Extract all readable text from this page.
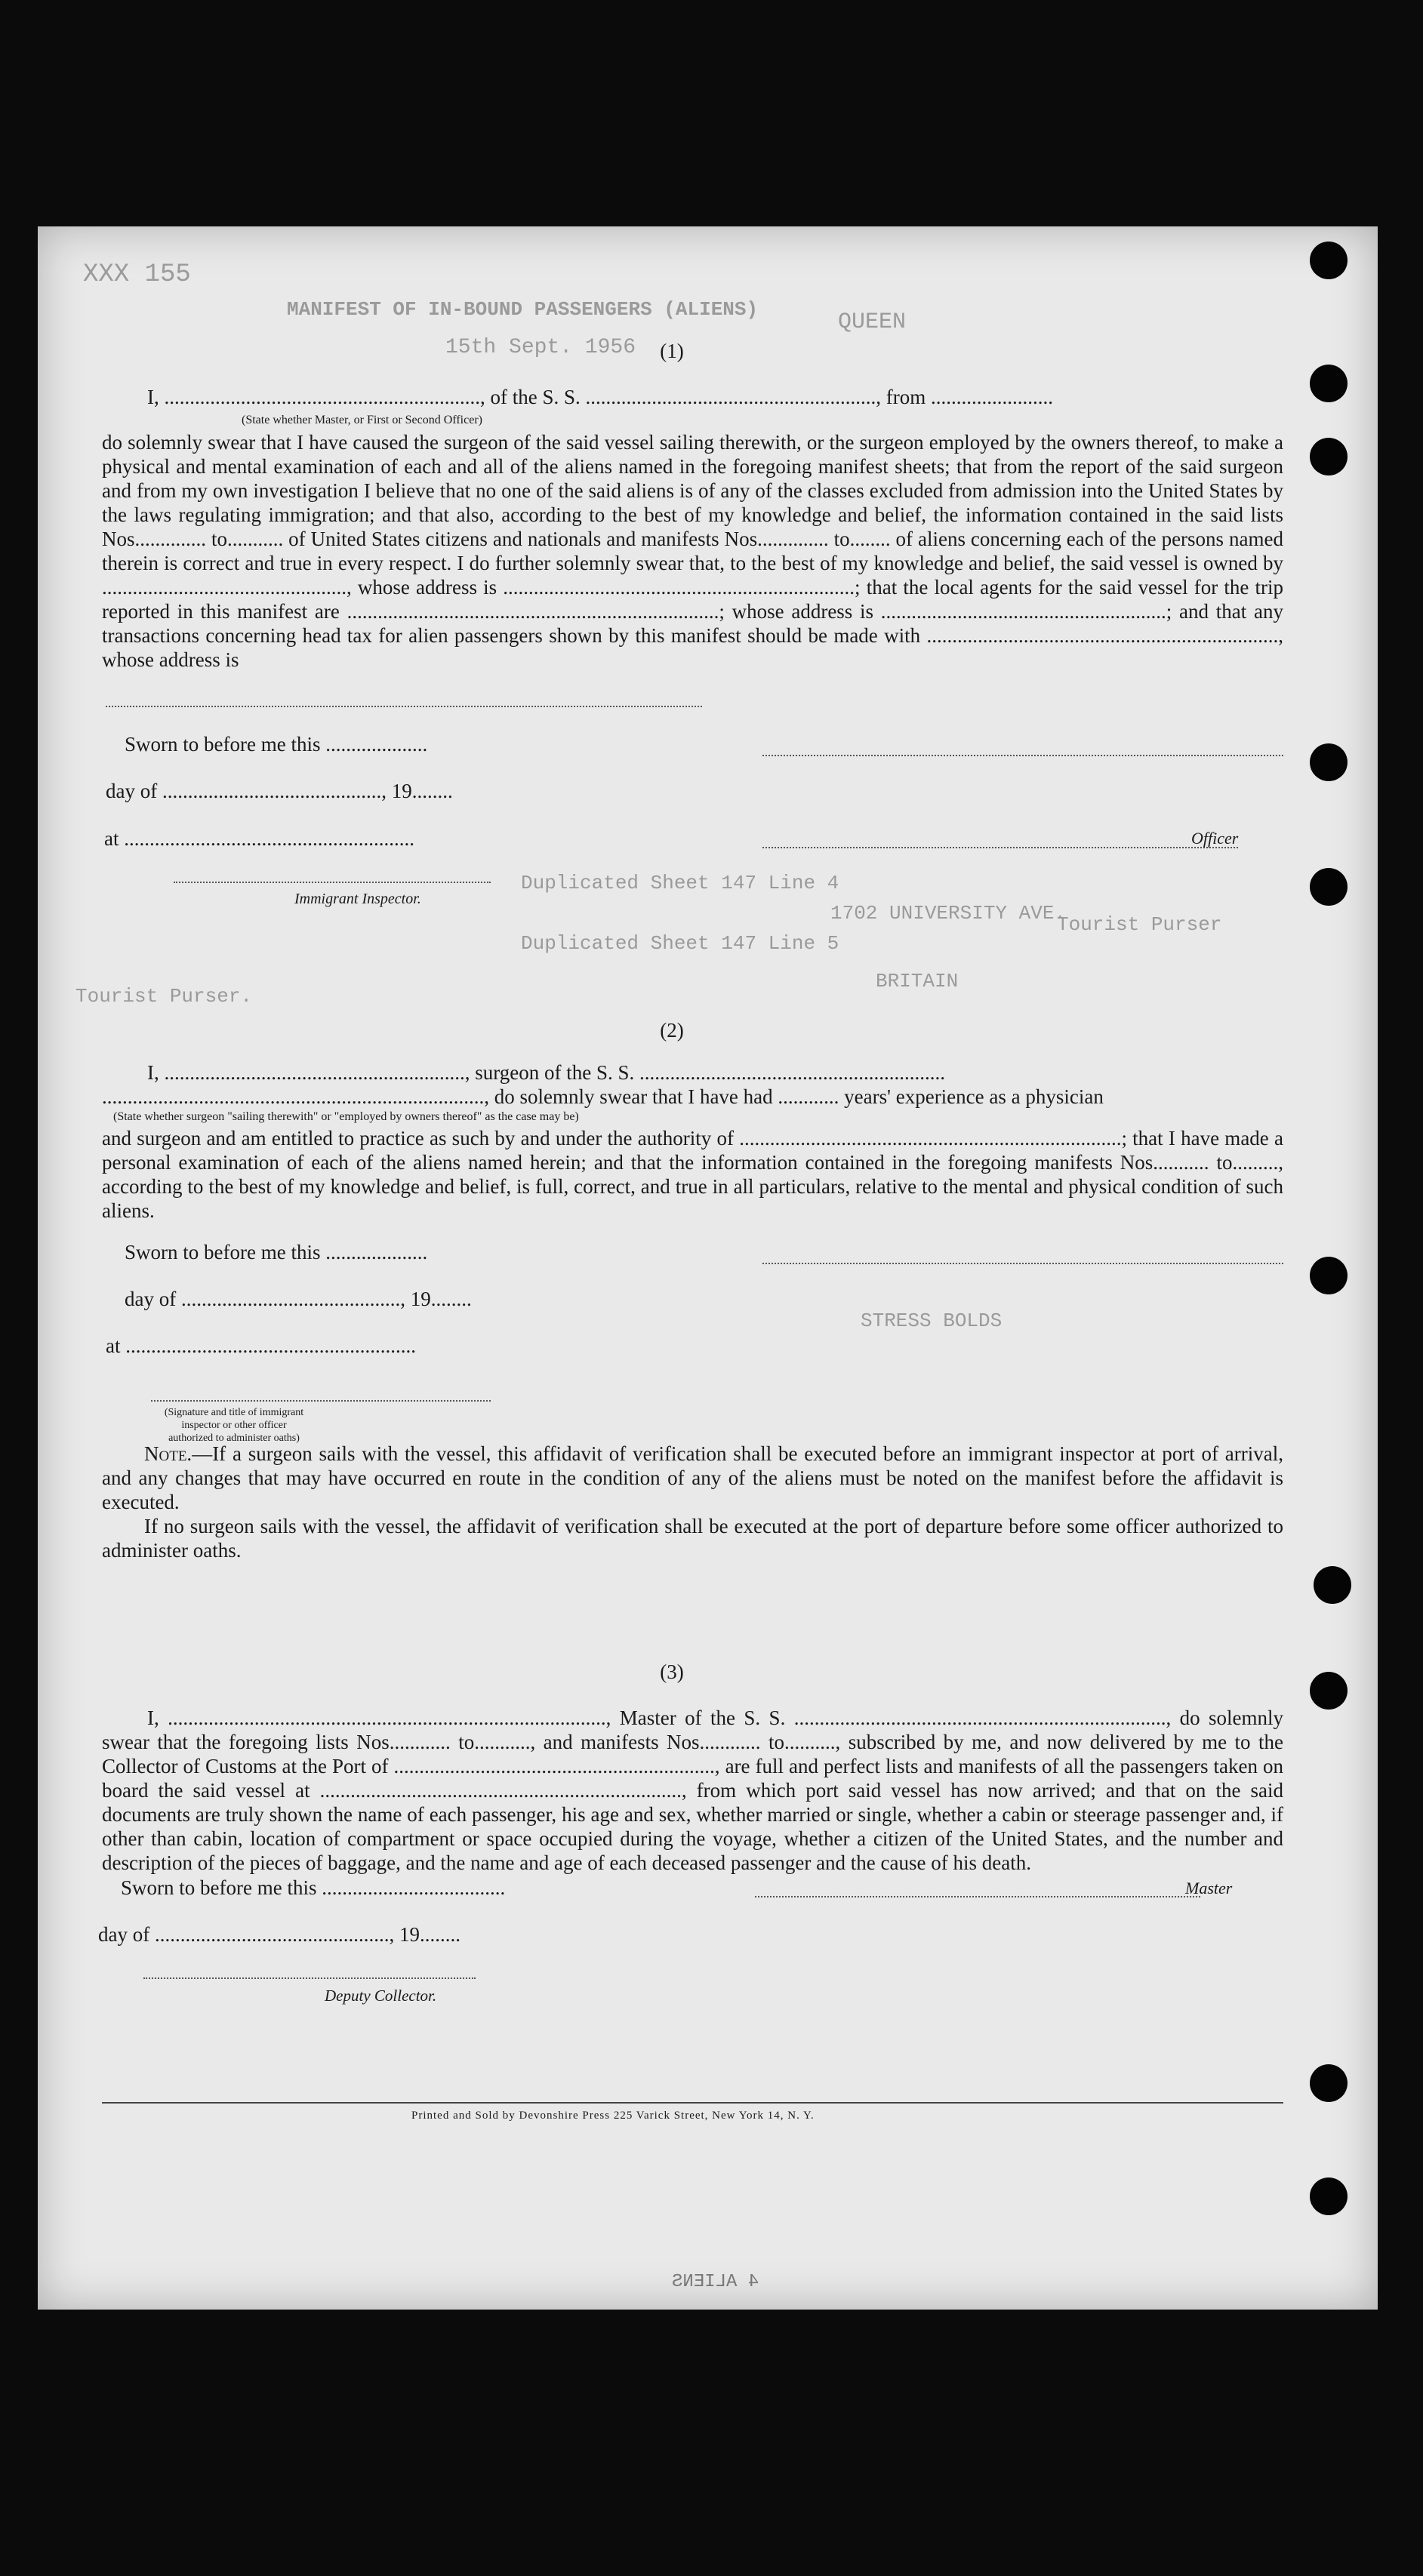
XXX 155
MANIFEST OF IN-BOUND PASSENGERS (ALIENS)
15th Sept. 1956
QUEEN
Duplicated Sheet 147 Line 4
Tourist Purser
Duplicated Sheet 147 Line 5
Tourist Purser.
1702 UNIVERSITY AVE.
BRITAIN
STRESS BOLDS
(1)
I, .............................................................., of the S. S. ........................................................., from ........................
(State whether Master, or First or Second Officer)
do solemnly swear that I have caused the surgeon of the said vessel sailing therewith, or the surgeon employed by the owners thereof, to make a physical and mental examination of each and all of the aliens named in the foregoing manifest sheets; that from the report of the said surgeon and from my own investigation I believe that no one of the said aliens is of any of the classes excluded from admission into the United States by the laws regulating immigration; and that also, according to the best of my knowledge and belief, the information contained in the said lists Nos.............. to........... of United States citizens and nationals and manifests Nos.............. to........ of aliens concerning each of the persons named therein is correct and true in every respect. I do further solemnly swear that, to the best of my knowledge and belief, the said vessel is owned by ................................................, whose address is .....................................................................; that the local agents for the said vessel for the trip reported in this manifest are .........................................................................; whose address is ........................................................; and that any transactions concerning head tax for alien passengers shown by this manifest should be made with ....................................................................., whose address is
Sworn to before me this ....................
day of ..........................................., 19........
at .........................................................	Officer
Immigrant Inspector.
(2)
I, ..........................................................., surgeon of the S. S. ............................................................
..........................................................................., do solemnly swear that I have had ............ years' experience as a physician
(State whether surgeon "sailing therewith" or "employed by owners thereof" as the case may be)
and surgeon and am entitled to practice as such by and under the authority of ...........................................................................; that I have made a personal examination of each of the aliens named herein; and that the information contained in the foregoing manifests Nos........... to........., according to the best of my knowledge and belief, is full, correct, and true in all particulars, relative to the mental and physical condition of such aliens.
Sworn to before me this ....................
day of ..........................................., 19........
at .........................................................
(Signature and title of immigrant inspector or other officer authorized to administer oaths)
Note.—If a surgeon sails with the vessel, this affidavit of verification shall be executed before an immigrant inspector at port of arrival, and any changes that may have occurred en route in the condition of any of the aliens must be noted on the manifest before the affidavit is executed.
If no surgeon sails with the vessel, the affidavit of verification shall be executed at the port of departure before some officer authorized to administer oaths.
(3)
I, ......................................................................................, Master of the S. S. ........................................................................., do solemnly swear that the foregoing lists Nos............ to..........., and manifests Nos............ to.........., subscribed by me, and now delivered by me to the Collector of Customs at the Port of ..............................................................., are full and perfect lists and manifests of all the passengers taken on board the said vessel at ......................................................................., from which port said vessel has now arrived; and that on the said documents are truly shown the name of each passenger, his age and sex, whether married or single, whether a cabin or steerage passenger and, if other than cabin, location of compartment or space occupied during the voyage, whether a citizen of the United States, and the number and description of the pieces of baggage, and the name and age of each deceased passenger and the cause of his death.
Sworn to before me this ....................................	Master
day of .............................................., 19........
Deputy Collector.
Printed and Sold by Devonshire Press 225 Varick Street, New York 14, N. Y.
4 ALIENS
